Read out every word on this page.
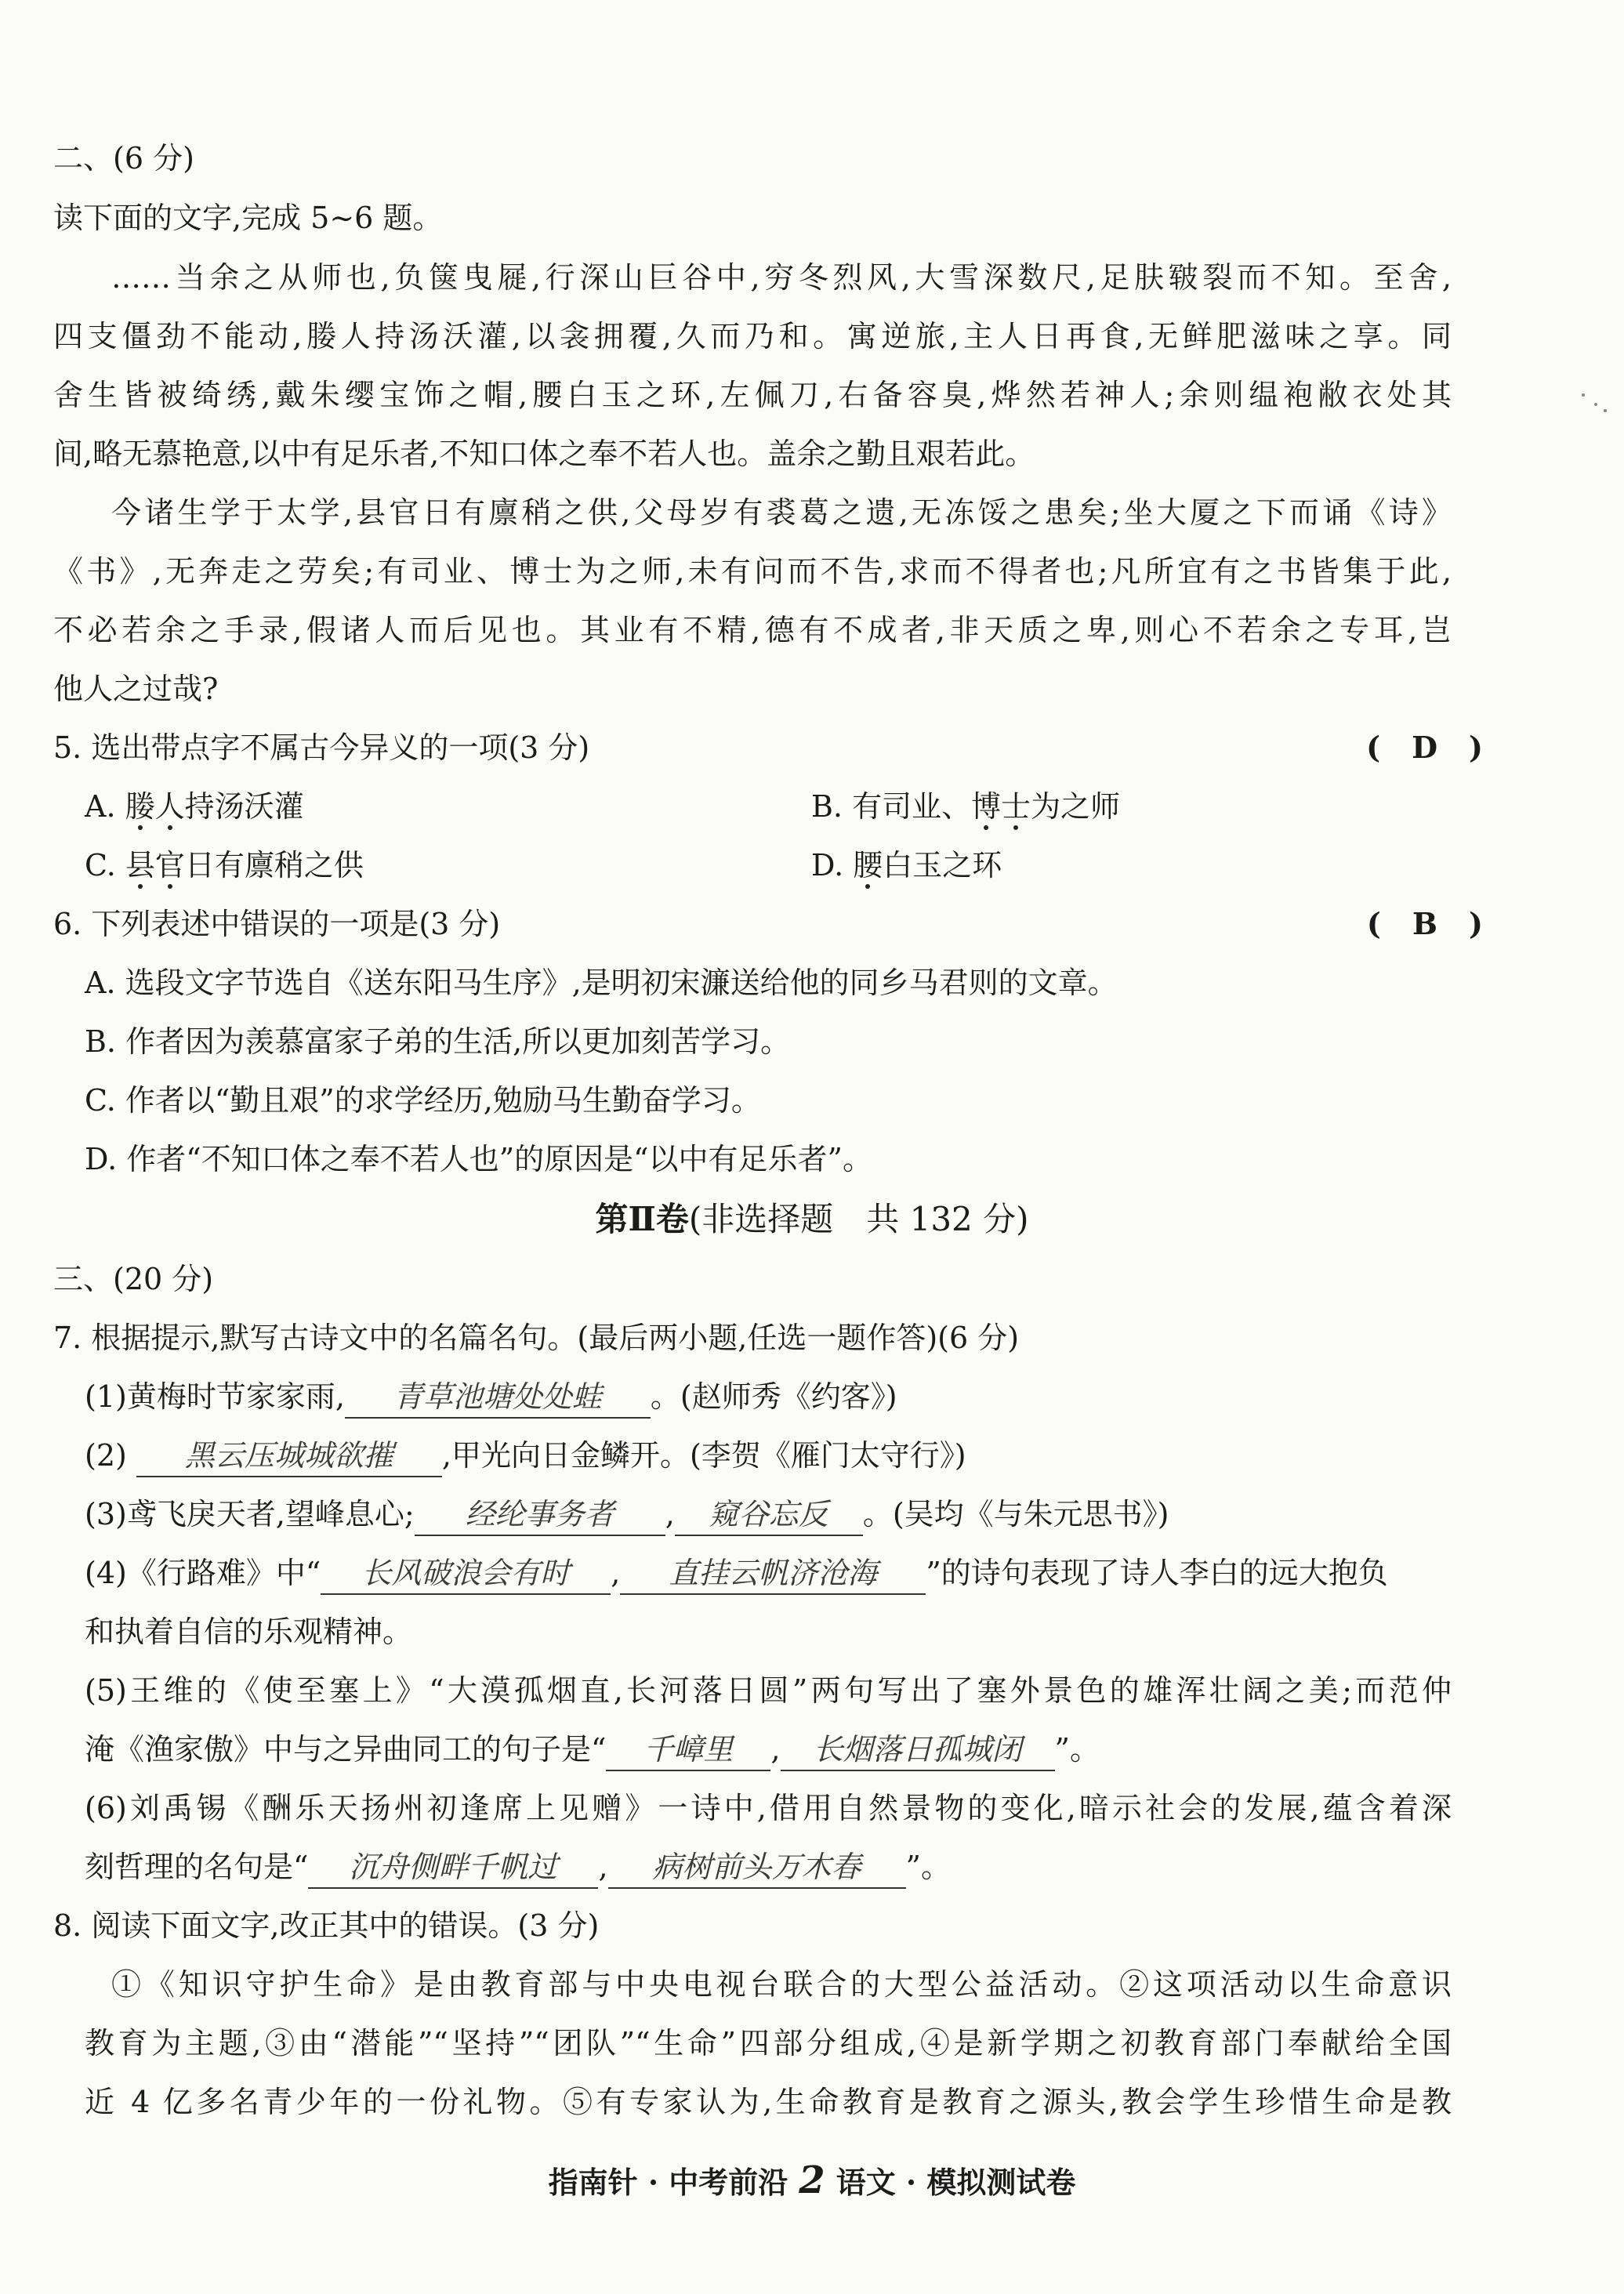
二、(6 分)
读下面的文字,完成 5~6 题。
……当余之从师也,负箧曳屣,行深山巨谷中,穷冬烈风,大雪深数尺,足肤皲裂而不知。至舍,
四支僵劲不能动,媵人持汤沃灌,以衾拥覆,久而乃和。寓逆旅,主人日再食,无鲜肥滋味之享。同
舍生皆被绮绣,戴朱缨宝饰之帽,腰白玉之环,左佩刀,右备容臭,烨然若神人;余则缊袍敝衣处其
间,略无慕艳意,以中有足乐者,不知口体之奉不若人也。盖余之勤且艰若此。
今诸生学于太学,县官日有廪稍之供,父母岁有裘葛之遗,无冻馁之患矣;坐大厦之下而诵《诗》
《书》,无奔走之劳矣;有司业、博士为之师,未有问而不告,求而不得者也;凡所宜有之书皆集于此,
不必若余之手录,假诸人而后见也。其业有不精,德有不成者,非天质之卑,则心不若余之专耳,岂
他人之过哉?
5. 选出带点字不属古今异义的一项(3 分)	( D )
A. 媵人持汤沃灌	B. 有司业、博士为之师
C. 县官日有廪稍之供	D. 腰白玉之环
6. 下列表述中错误的一项是(3 分)	( B )
A. 选段文字节选自《送东阳马生序》,是明初宋濂送给他的同乡马君则的文章。
B. 作者因为羡慕富家子弟的生活,所以更加刻苦学习。
C. 作者以“勤且艰”的求学经历,勉励马生勤奋学习。
D. 作者“不知口体之奉不若人也”的原因是“以中有足乐者”。
第Ⅱ卷(非选择题　共 132 分)
三、(20 分)
7. 根据提示,默写古诗文中的名篇名句。(最后两小题,任选一题作答)(6 分)
(1)黄梅时节家家雨, 青草池塘处处蛙 。(赵师秀《约客》)
(2) 黑云压城城欲摧 ,甲光向日金鳞开。(李贺《雁门太守行》)
(3)鸢飞戾天者,望峰息心; 经纶事务者 , 窥谷忘反 。(吴均《与朱元思书》)
(4)《行路难》中“ 长风破浪会有时 , 直挂云帆济沧海 ”的诗句表现了诗人李白的远大抱负
和执着自信的乐观精神。
(5)王维的《使至塞上》“大漠孤烟直,长河落日圆”两句写出了塞外景色的雄浑壮阔之美;而范仲
淹《渔家傲》中与之异曲同工的句子是“ 千嶂里 , 长烟落日孤城闭 ”。
(6)刘禹锡《酬乐天扬州初逢席上见赠》一诗中,借用自然景物的变化,暗示社会的发展,蕴含着深
刻哲理的名句是“ 沉舟侧畔千帆过 , 病树前头万木春 ”。
8. 阅读下面文字,改正其中的错误。(3 分)
①《知识守护生命》是由教育部与中央电视台联合的大型公益活动。②这项活动以生命意识
教育为主题,③由“潜能”“坚持”“团队”“生命”四部分组成,④是新学期之初教育部门奉献给全国
近 4 亿多名青少年的一份礼物。⑤有专家认为,生命教育是教育之源头,教会学生珍惜生命是教
指南针 · 中考前沿 2 语文 · 模拟测试卷
